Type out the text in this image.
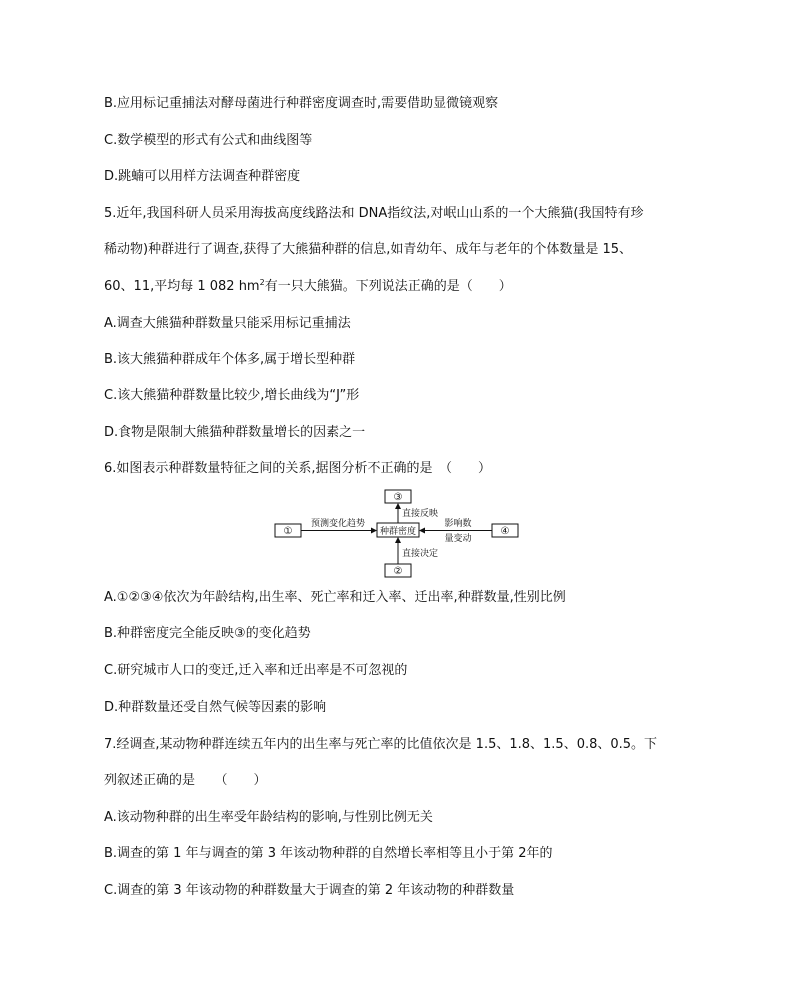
B.应用标记重捕法对酵母菌进行种群密度调查时,需要借助显微镜观察
C.数学模型的形式有公式和曲线图等
D.跳蝻可以用样方法调查种群密度
5.近年,我国科研人员采用海拔高度线路法和 DNA指纹法,对岷山山系的一个大熊猫(我国特有珍
稀动物)种群进行了调查,获得了大熊猫种群的信息,如青幼年、成年与老年的个体数量是 15、
60、11,平均每 1 082 $hm^2$有一只大熊猫。下列说法正确的是（　　）
A.调查大熊猫种群数量只能采用标记重捕法
B.该大熊猫种群成年个体多,属于增长型种群
C.该大熊猫种群数量比较少,增长曲线为“J”形
D.食物是限制大熊猫种群数量增长的因素之一
6.如图表示种群数量特征之间的关系,据图分析不正确的是　（　　）
③
①	种群密度	④
②
预测变化趋势
直接反映
直接决定
影响数
量变动
A.①②③④依次为年龄结构,出生率、死亡率和迁入率、迁出率,种群数量,性别比例
B.种群密度完全能反映③的变化趋势
C.研究城市人口的变迁,迁入率和迁出率是不可忽视的
D.种群数量还受自然气候等因素的影响
7.经调查,某动物种群连续五年内的出生率与死亡率的比值依次是 1.5、1.8、1.5、0.8、0.5。下
列叙述正确的是　　（　　）
A.该动物种群的出生率受年龄结构的影响,与性别比例无关
B.调查的第 1 年与调查的第 3 年该动物种群的自然增长率相等且小于第 2年的
C.调查的第 3 年该动物的种群数量大于调查的第 2 年该动物的种群数量
